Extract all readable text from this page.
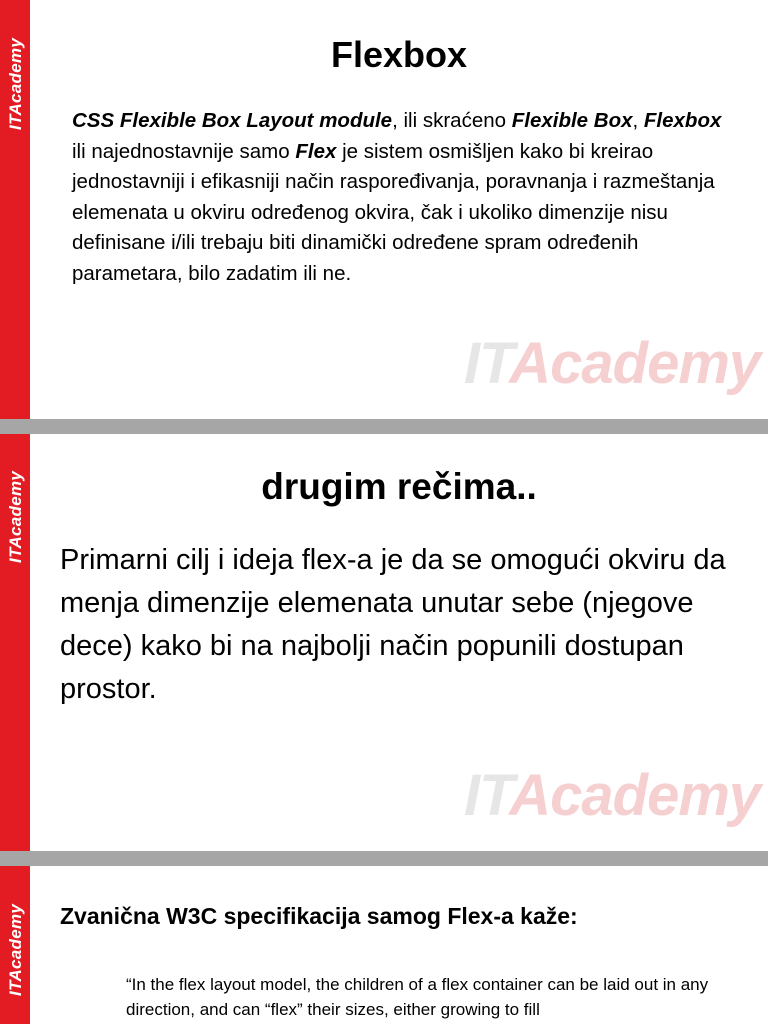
ITAcademy	Flexbox

CSS Flexible Box Layout module, ili skraćeno Flexible Box, Flexbox ili najednostavnije samo Flex je sistem osmišljen kako bi kreirao jednostavniji i efikasniji način raspoređivanja, poravnanja i razmeštanja elemenata u okviru određenog okvira, čak i ukoliko dimenzije nisu definisane i/ili trebaju biti dinamički određene spram određenih parametara, bilo zadatim ili ne.

ITAcademy
ITAcademy	drugim rečima..

Primarni cilj i ideja flex-a je da se omogući okviru da menja dimenzije elemenata unutar sebe (njegove dece) kako bi na najbolji način popunili dostupan prostor.

ITAcademy
ITAcademy Zvanična W3C specifikacija samog Flex-a kaže:

“In the flex layout model, the children of a flex container can be laid out in any direction, and can “flex” their sizes, either growing to fill
